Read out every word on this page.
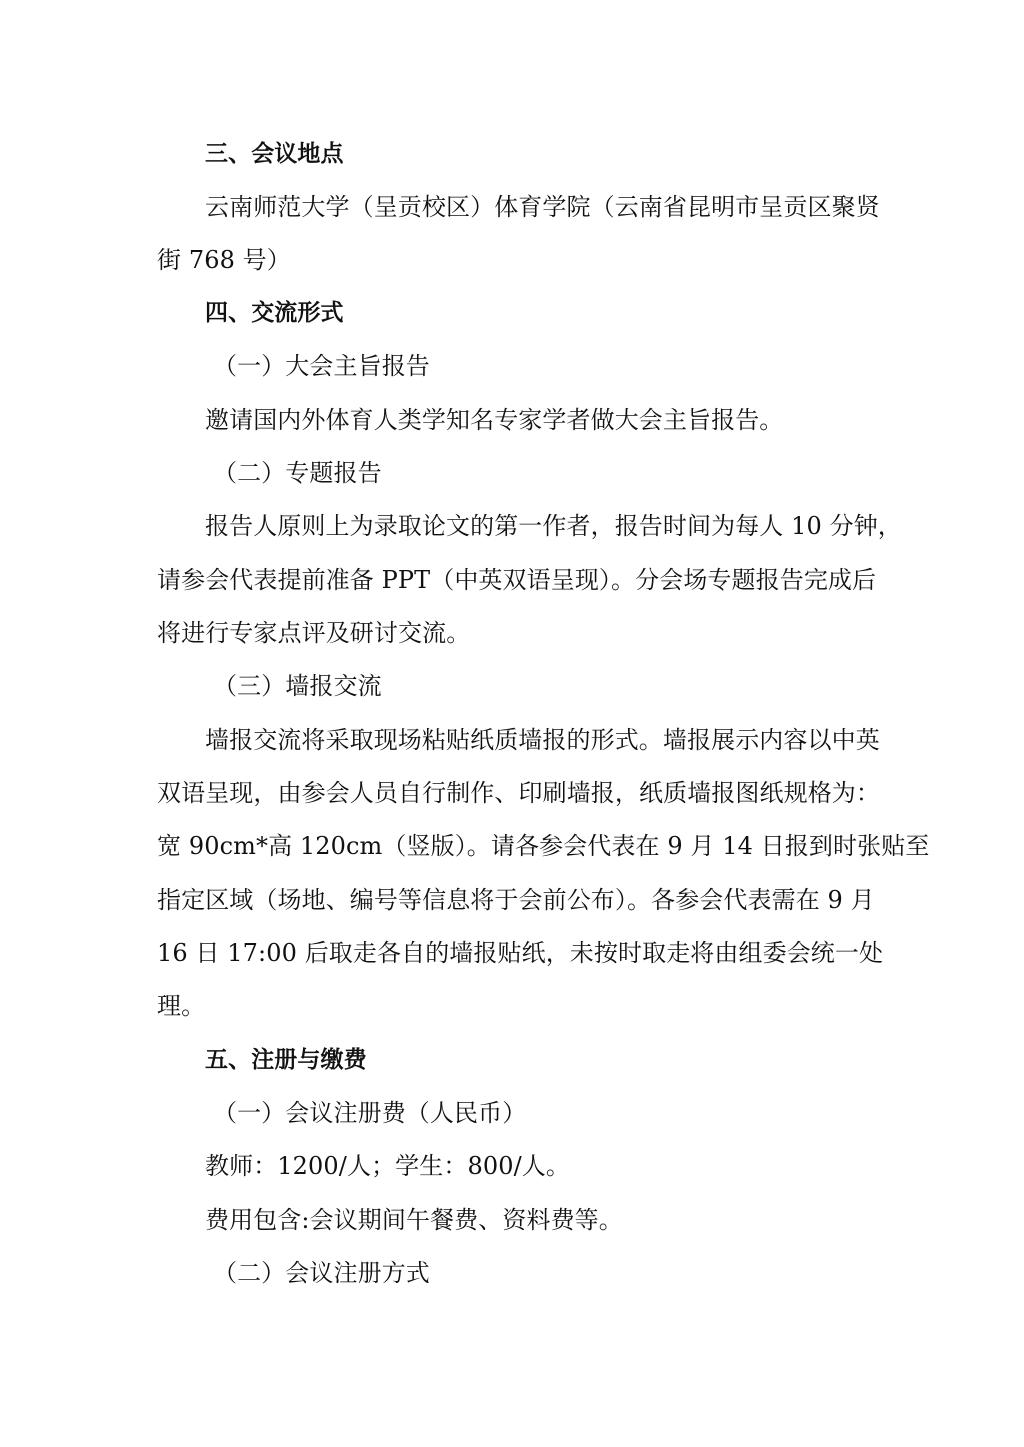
三、会议地点
云南师范大学（呈贡校区）体育学院（云南省昆明市呈贡区聚贤
街 768 号）
四、交流形式
（一）大会主旨报告
邀请国内外体育人类学知名专家学者做大会主旨报告。
（二）专题报告
报告人原则上为录取论文的第一作者，报告时间为每人 10 分钟，
请参会代表提前准备 PPT（中英双语呈现）。分会场专题报告完成后
将进行专家点评及研讨交流。
（三）墙报交流
墙报交流将采取现场粘贴纸质墙报的形式。墙报展示内容以中英
双语呈现，由参会人员自行制作、印刷墙报，纸质墙报图纸规格为：
宽 90cm*高 120cm（竖版）。请各参会代表在 9 月 14 日报到时张贴至
指定区域（场地、编号等信息将于会前公布）。各参会代表需在 9 月
16 日 17:00 后取走各自的墙报贴纸，未按时取走将由组委会统一处
理。
五、注册与缴费
（一）会议注册费（人民币）
教师：1200/人；学生：800/人。
费用包含:会议期间午餐费、资料费等。
（二）会议注册方式
